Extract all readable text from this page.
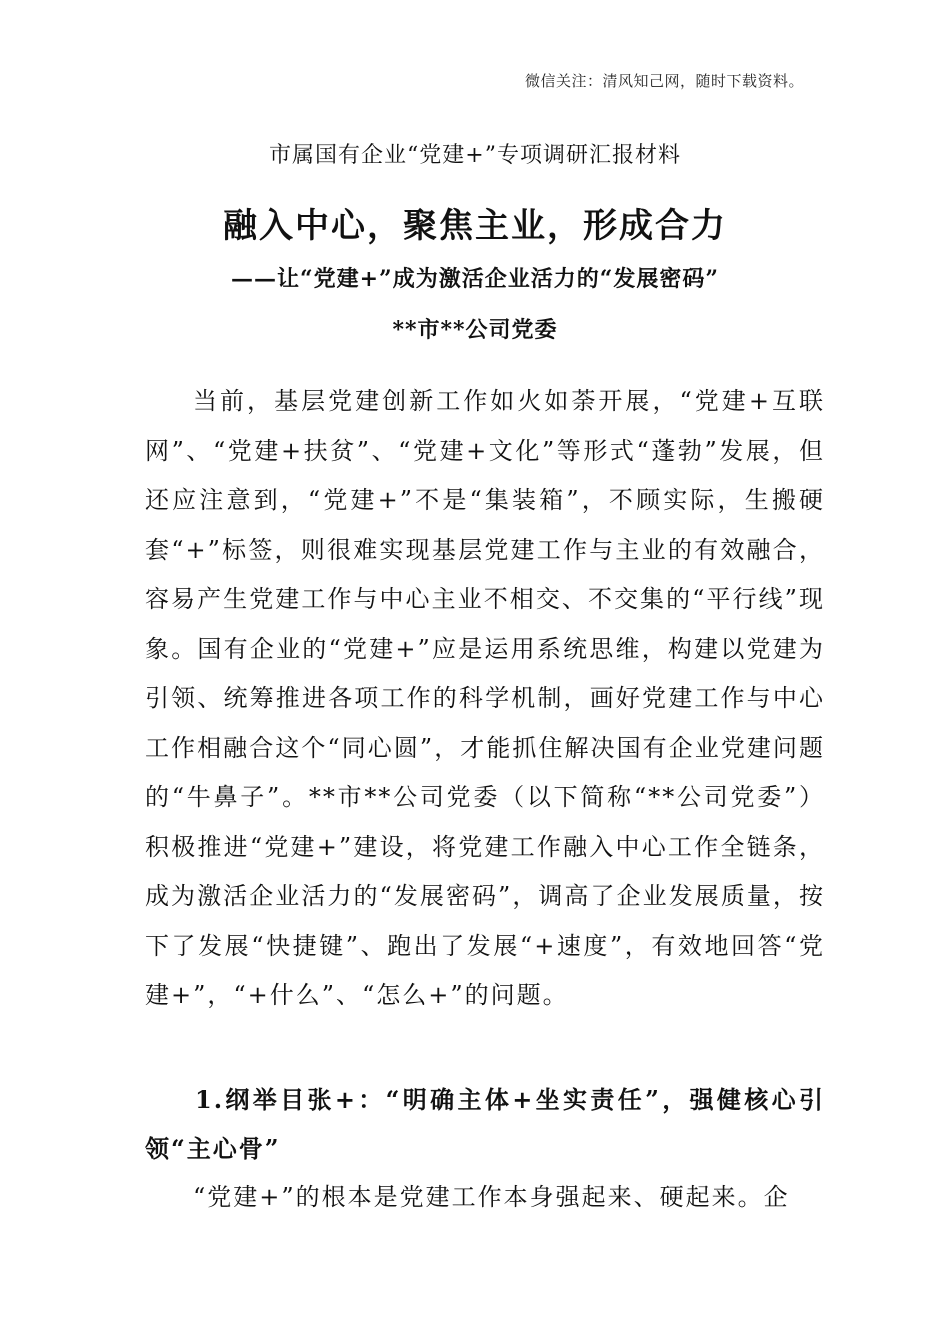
微信关注：清风知己网，随时下载资料。
市属国有企业“党建+”专项调研汇报材料
融入中心，聚焦主业，形成合力
——让“党建+”成为激活企业活力的“发展密码”
**市**公司党委

当前，基层党建创新工作如火如荼开展，“党建+互联网”、“党建+扶贫”、“党建+文化”等形式“蓬勃”发展，但还应注意到，“党建+”不是“集装箱”，不顾实际，生搬硬套“+”标签，则很难实现基层党建工作与主业的有效融合，容易产生党建工作与中心主业不相交、不交集的“平行线”现象。国有企业的“党建+”应是运用系统思维，构建以党建为引领、统筹推进各项工作的科学机制，画好党建工作与中心工作相融合这个“同心圆”，才能抓住解决国有企业党建问题的“牛鼻子”。**市**公司党委（以下简称“**公司党委”）积极推进“党建+”建设，将党建工作融入中心工作全链条，成为激活企业活力的“发展密码”，调高了企业发展质量，按下了发展“快捷键”、跑出了发展“+速度”，有效地回答“党建+”，“+什么”、“怎么+”的问题。

1.纲举目张+：“明确主体+坐实责任”，强健核心引领“主心骨”

“党建+”的根本是党建工作本身强起来、硬起来。企
